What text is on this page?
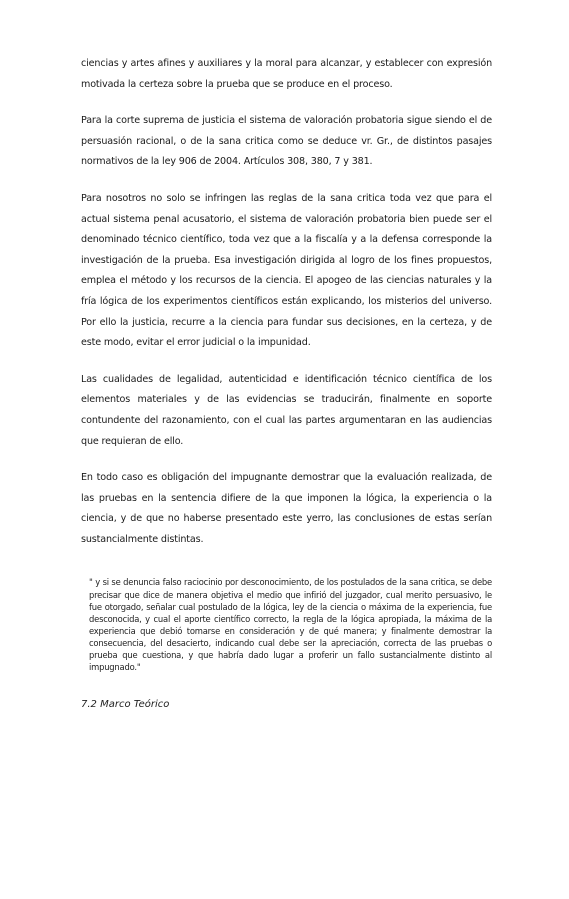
ciencias y artes afines y auxiliares y la moral para alcanzar, y establecer con expresión motivada la certeza sobre la prueba que se produce en el proceso.

Para la corte suprema de justicia el sistema de valoración probatoria sigue siendo el de persuasión racional, o de la sana critica como se deduce vr. Gr., de distintos pasajes normativos de la ley 906 de 2004. Artículos 308, 380, 7 y 381.

Para nosotros no solo se infringen las reglas de la sana critica toda vez que para el actual sistema penal acusatorio, el sistema de valoración probatoria bien puede ser el denominado técnico científico, toda vez que a la fiscalía y a la defensa corresponde la investigación de la prueba. Esa investigación dirigida al logro de los fines propuestos, emplea el método y los recursos de la ciencia. El apogeo de las ciencias naturales y la fría lógica de los experimentos científicos están explicando, los misterios del universo. Por ello la justicia, recurre a la ciencia para fundar sus decisiones, en la certeza, y de este modo, evitar el error judicial o la impunidad.

Las cualidades de legalidad, autenticidad e identificación técnico científica de los elementos materiales y de las evidencias se traducirán, finalmente en soporte contundente del razonamiento, con el cual las partes argumentaran en las audiencias que requieran de ello.

En todo caso es obligación del impugnante demostrar que la evaluación realizada, de las pruebas en la sentencia difiere de la que imponen la lógica, la experiencia o la ciencia, y de que no haberse presentado este yerro, las conclusiones de estas serían sustancialmente distintas.

" y si se denuncia falso raciocinio por desconocimiento, de los postulados de la sana critica, se debe precisar que dice de manera objetiva el medio que infirió del juzgador, cual merito persuasivo, le fue otorgado, señalar cual postulado de la lógica, ley de la ciencia o máxima de la experiencia, fue desconocida, y cual el aporte científico correcto, la regla de la lógica apropiada, la máxima de la experiencia que debió tomarse en consideración y de qué manera; y finalmente demostrar la consecuencia, del desacierto, indicando cual debe ser la apreciación, correcta de las pruebas o prueba que cuestiona, y que habría dado lugar a proferir un fallo sustancialmente distinto al impugnado."

7.2 Marco Teórico
